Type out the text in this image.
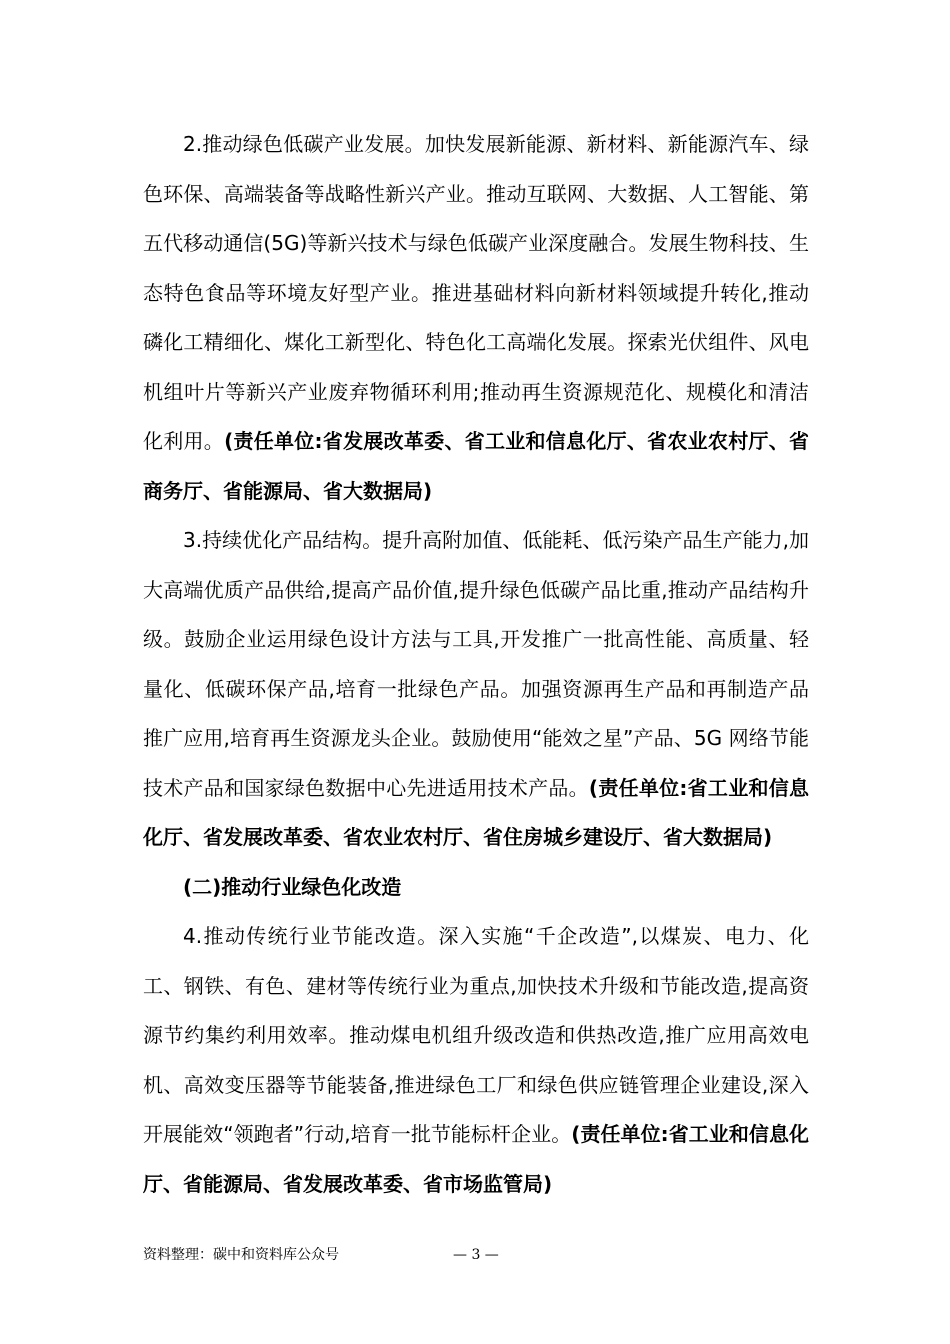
2.推动绿色低碳产业发展。加快发展新能源、新材料、新能源汽车、绿色环保、高端装备等战略性新兴产业。推动互联网、大数据、人工智能、第五代移动通信(5G)等新兴技术与绿色低碳产业深度融合。发展生物科技、生态特色食品等环境友好型产业。推进基础材料向新材料领域提升转化,推动磷化工精细化、煤化工新型化、特色化工高端化发展。探索光伏组件、风电机组叶片等新兴产业废弃物循环利用;推动再生资源规范化、规模化和清洁化利用。(责任单位:省发展改革委、省工业和信息化厅、省农业农村厅、省商务厅、省能源局、省大数据局)

3.持续优化产品结构。提升高附加值、低能耗、低污染产品生产能力,加大高端优质产品供给,提高产品价值,提升绿色低碳产品比重,推动产品结构升级。鼓励企业运用绿色设计方法与工具,开发推广一批高性能、高质量、轻量化、低碳环保产品,培育一批绿色产品。加强资源再生产品和再制造产品推广应用,培育再生资源龙头企业。鼓励使用“能效之星”产品、5G 网络节能技术产品和国家绿色数据中心先进适用技术产品。(责任单位:省工业和信息化厅、省发展改革委、省农业农村厅、省住房城乡建设厅、省大数据局)

(二)推动行业绿色化改造

4.推动传统行业节能改造。深入实施“千企改造”,以煤炭、电力、化工、钢铁、有色、建材等传统行业为重点,加快技术升级和节能改造,提高资源节约集约利用效率。推动煤电机组升级改造和供热改造,推广应用高效电机、高效变压器等节能装备,推进绿色工厂和绿色供应链管理企业建设,深入开展能效“领跑者”行动,培育一批节能标杆企业。(责任单位:省工业和信息化厅、省能源局、省发展改革委、省市场监管局)

资料整理：碳中和资料库公众号	— 3 —
